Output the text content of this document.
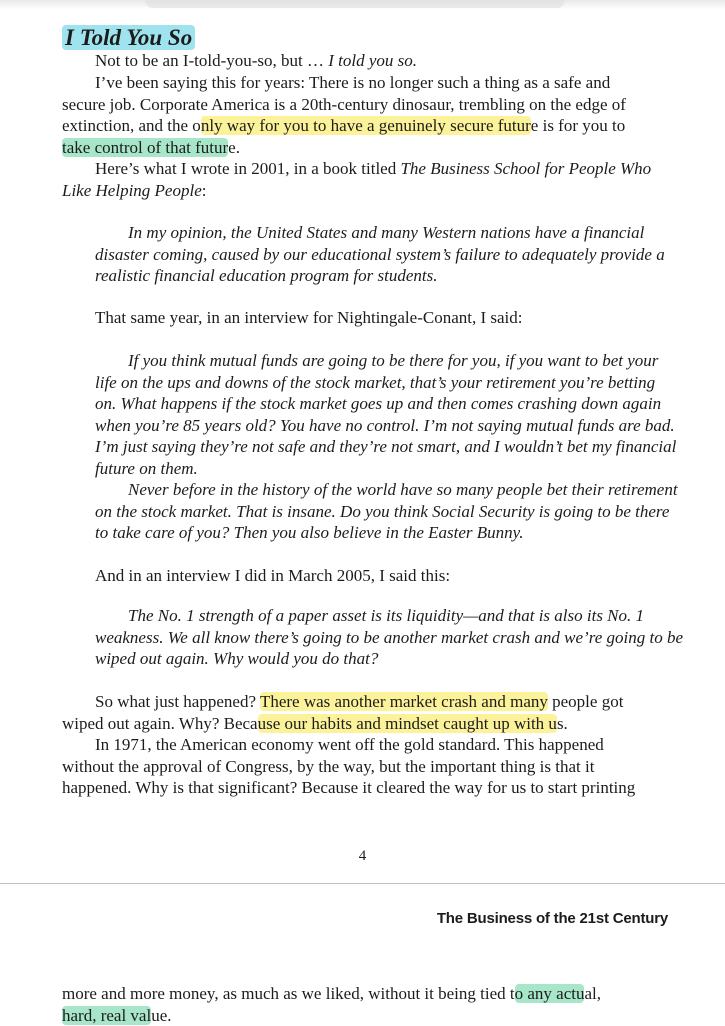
I Told You So

Not to be an I-told-you-so, but … I told you so.

I’ve been saying this for years: There is no longer such a thing as a safe and
secure job. Corporate America is a 20th-century dinosaur, trembling on the edge of
extinction, and the only way for you to have a genuinely secure future is for you to
take control of that future.

Here’s what I wrote in 2001, in a book titled The Business School for People Who
Like Helping People:

In my opinion, the United States and many Western nations have a financial
disaster coming, caused by our educational system’s failure to adequately provide a
realistic financial education program for students.

That same year, in an interview for Nightingale-Conant, I said:

If you think mutual funds are going to be there for you, if you want to bet your
life on the ups and downs of the stock market, that’s your retirement you’re betting
on. What happens if the stock market goes up and then comes crashing down again
when you’re 85 years old? You have no control. I’m not saying mutual funds are bad.
I’m just saying they’re not safe and they’re not smart, and I wouldn’t bet my financial
future on them.
Never before in the history of the world have so many people bet their retirement
on the stock market. That is insane. Do you think Social Security is going to be there
to take care of you? Then you also believe in the Easter Bunny.

And in an interview I did in March 2005, I said this:

The No. 1 strength of a paper asset is its liquidity—and that is also its No. 1
weakness. We all know there’s going to be another market crash and we’re going to be
wiped out again. Why would you do that?

So what just happened? There was another market crash and many people got
wiped out again. Why? Because our habits and mindset caught up with us.

In 1971, the American economy went off the gold standard. This happened
without the approval of Congress, by the way, but the important thing is that it
happened. Why is that significant? Because it cleared the way for us to start printing

4
The Business of the 21st Century

more and more money, as much as we liked, without it being tied to any actual,
hard, real value.
